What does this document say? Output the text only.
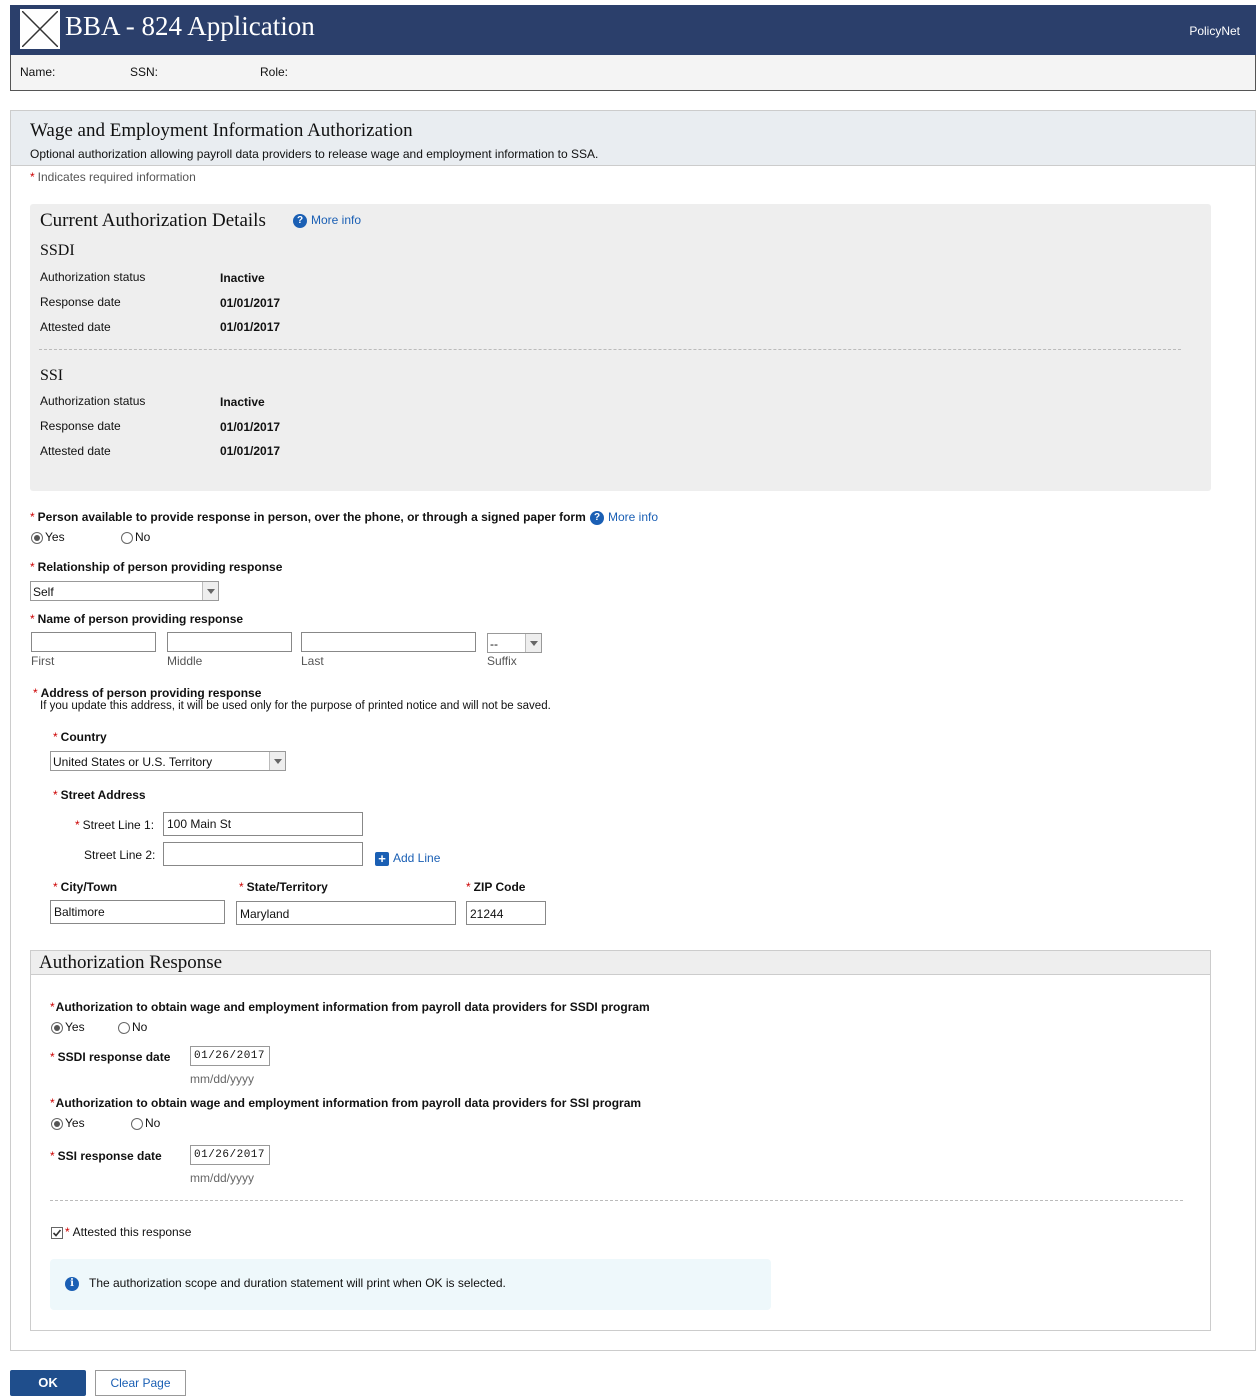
BBA - 824 Application	PolicyNet
Name:	SSN:	Role:
Wage and Employment Information Authorization
Optional authorization allowing payroll data providers to release wage and employment information to SSA.
* Indicates required information
Current Authorization Details	? More info
SSDI
Authorization status	Inactive
Response date	01/01/2017
Attested date	01/01/2017
SSI
Authorization status	Inactive
Response date	01/01/2017
Attested date	01/01/2017
* Person available to provide response in person, over the phone, or through a signed paper form ? More info
Yes	No
* Relationship of person providing response
Self
* Name of person providing response
--
First	Middle	Last	Suffix
* Address of person providing response
If you update this address, it will be used only for the purpose of printed notice and will not be saved.
* Country
United States or U.S. Territory
* Street Address
* Street Line 1:	100 Main St
Street Line 2:	+ Add Line
* City/Town	* State/Territory	* ZIP Code
Baltimore	Maryland	21244
Authorization Response
*Authorization to obtain wage and employment information from payroll data providers for SSDI program
Yes	No
* SSDI response date	01/26/2017
mm/dd/yyyy
*Authorization to obtain wage and employment information from payroll data providers for SSI program
Yes	No
* SSI response date	01/26/2017
mm/dd/yyyy
* Attested this response
i	The authorization scope and duration statement will print when OK is selected.
OK	Clear Page
